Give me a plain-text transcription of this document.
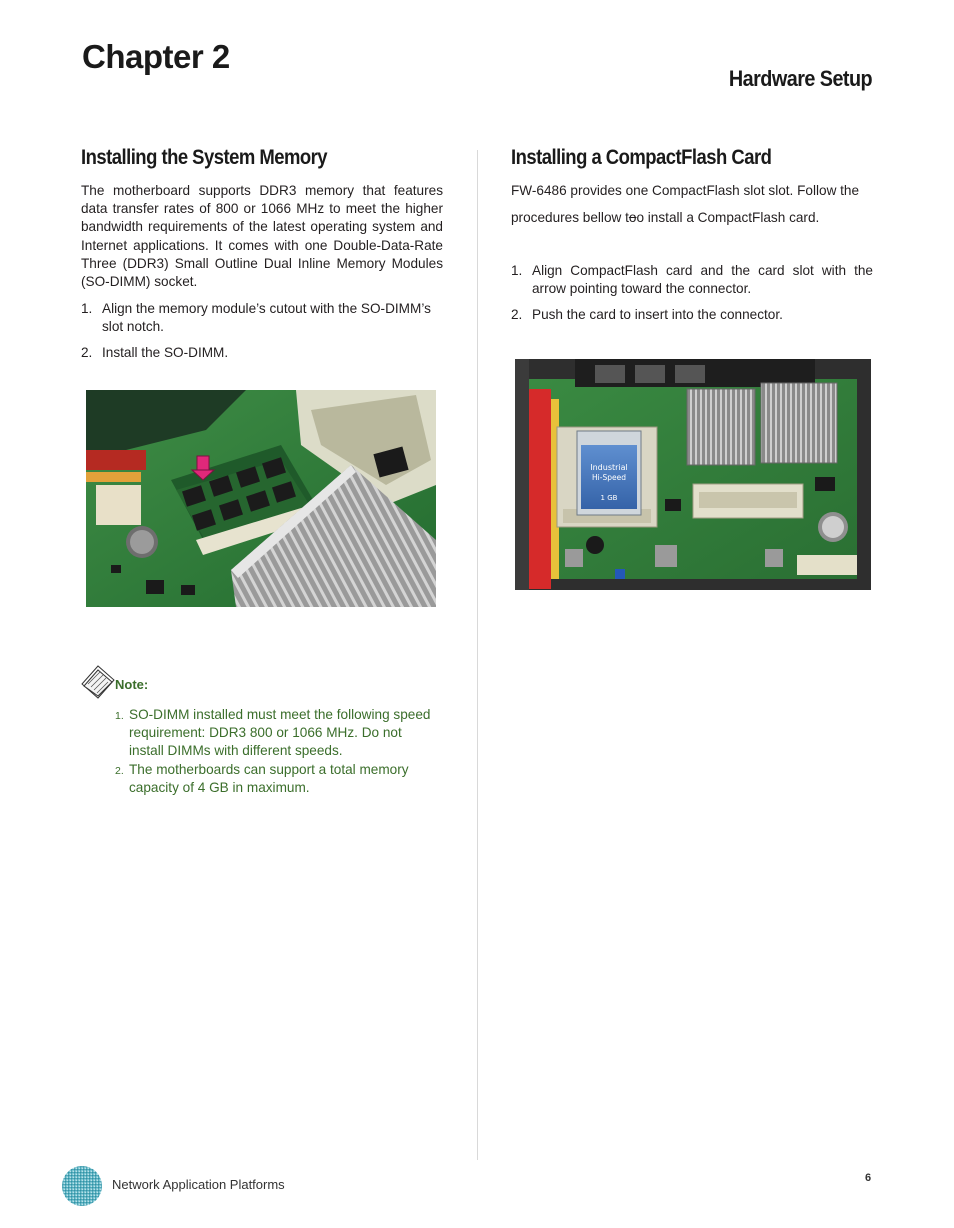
Chapter 2
Hardware Setup
Installing the System Memory

The motherboard supports DDR3 memory that features data transfer rates of 800 or 1066 MHz to meet the higher bandwidth requirements of the latest operating system and Internet applications. It comes with one Double-Data-Rate Three (DDR3) Small Outline Dual Inline Memory Modules (SO-DIMM) socket.

1. Align the memory module’s cutout with the SO-DIMM’s slot notch.
2. Install the SO-DIMM.
Note:
1. SO-DIMM installed must meet the following speed requirement: DDR3 800 or 1066 MHz. Do not install DIMMs with different speeds.
2. The motherboards can support a total memory capacity of 4 GB in maximum.
Installing a CompactFlash Card

FW-6486 provides one CompactFlash slot slot. Follow the

procedures bellow too install a CompactFlash card.

1. Align CompactFlash card and the card slot with the arrow pointing toward the connector.
2. Push the card to insert into the connector.
Industrial
Hi-Speed
1 GB
Network Application Platforms	6
